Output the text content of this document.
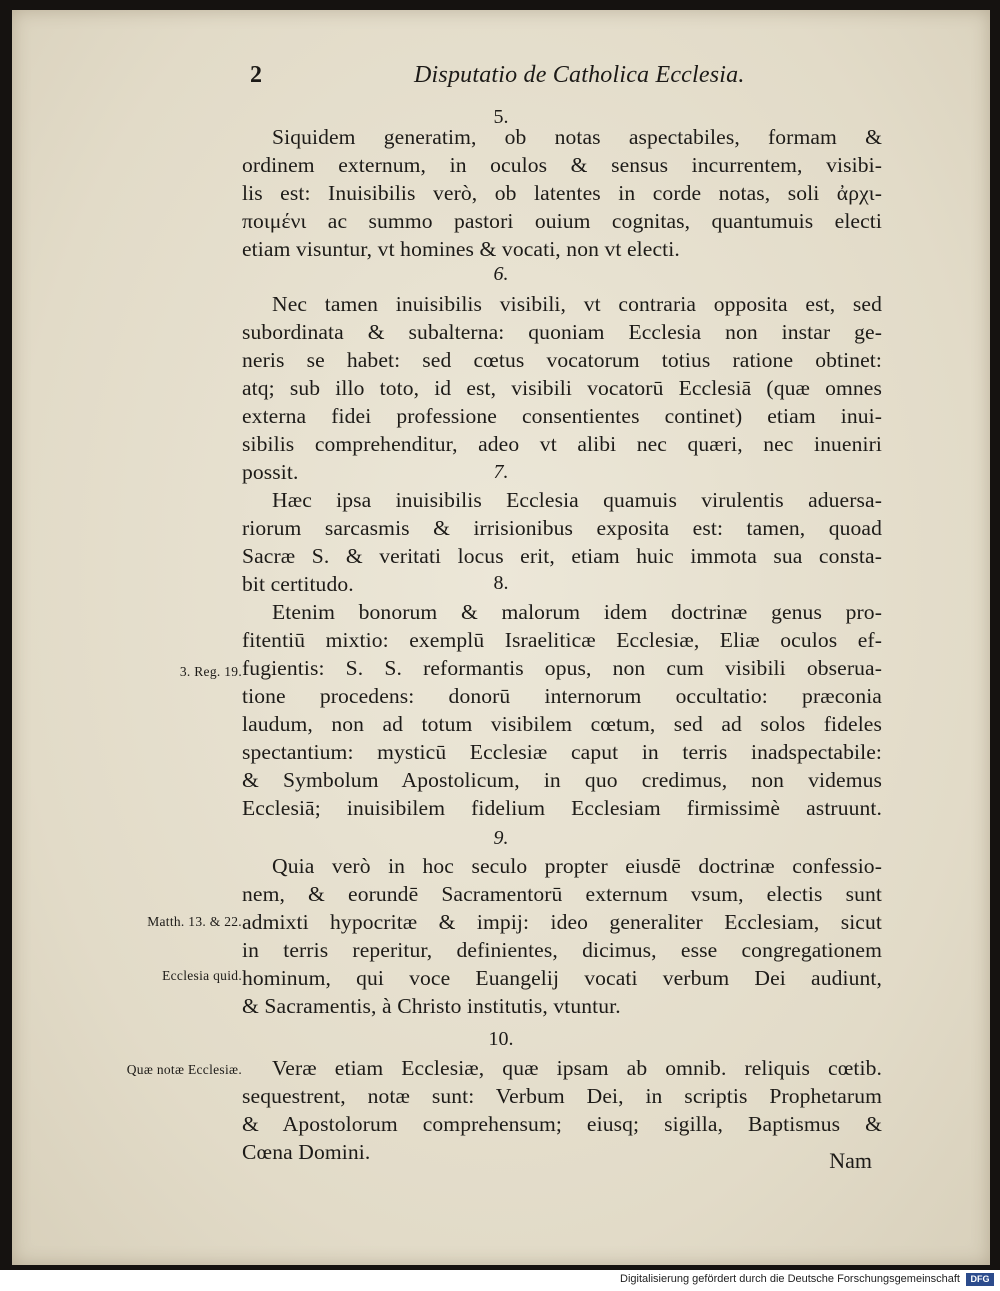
2	Disputatio de Catholica Ecclesia.
5.
Siquidem generatim, ob notas aspectabiles, formam &
ordinem externum, in oculos & sensus incurrentem, visibi-
lis est: Inuisibilis verò, ob latentes in corde notas, soli ἀρχι-
ποιμένι ac summo pastori ouium cognitas, quantumuis electi
etiam visuntur, vt homines & vocati, non vt electi.
6.
Nec tamen inuisibilis visibili, vt contraria opposita est, sed
subordinata & subalterna: quoniam Ecclesia non instar ge-
neris se habet: sed cœtus vocatorum totius ratione obtinet:
atq; sub illo toto, id est, visibili vocatorū Ecclesiā (quæ omnes
externa fidei professione consentientes continet) etiam inui-
sibilis comprehenditur, adeo vt alibi nec quæri, nec inueniri
possit.	7.
Hæc ipsa inuisibilis Ecclesia quamuis virulentis aduersa-
riorum sarcasmis & irrisionibus exposita est: tamen, quoad
Sacræ S. & veritati locus erit, etiam huic immota sua consta-
bit certitudo.	8.
Etenim bonorum & malorum idem doctrinæ genus pro-
fitentiū mixtio: exemplū Israeliticæ Ecclesiæ, Eliæ oculos ef-
fugientis: S. S. reformantis opus, non cum visibili obserua-
tione procedens: donorū internorum occultatio: præconia
laudum, non ad totum visibilem cœtum, sed ad solos fideles
spectantium: mysticū Ecclesiæ caput in terris inadspectabile:
& Symbolum Apostolicum, in quo credimus, non videmus
Ecclesiā; inuisibilem fidelium Ecclesiam firmissimè astruunt.
9.
Quia verò in hoc seculo propter eiusdē doctrinæ confessio-
nem, & eorundē Sacramentorū externum vsum, electis sunt
admixti hypocritæ & impij: ideo generaliter Ecclesiam, sicut
in terris reperitur, definientes, dicimus, esse congregationem
hominum, qui voce Euangelij vocati verbum Dei audiunt,
& Sacramentis, à Christo institutis, vtuntur.
10.
Veræ etiam Ecclesiæ, quæ ipsam ab omnib. reliquis cœtib.
sequestrent, notæ sunt: Verbum Dei, in scriptis Prophetarum
& Apostolorum comprehensum; eiusq; sigilla, Baptismus &
Cœna Domini.
3. Reg. 19.
Matth. 13. & 22.
Ecclesia quid.
Quæ notæ Ecclesiæ.
Nam
Digitalisierung gefördert durch die Deutsche Forschungsgemeinschaft	DFG
